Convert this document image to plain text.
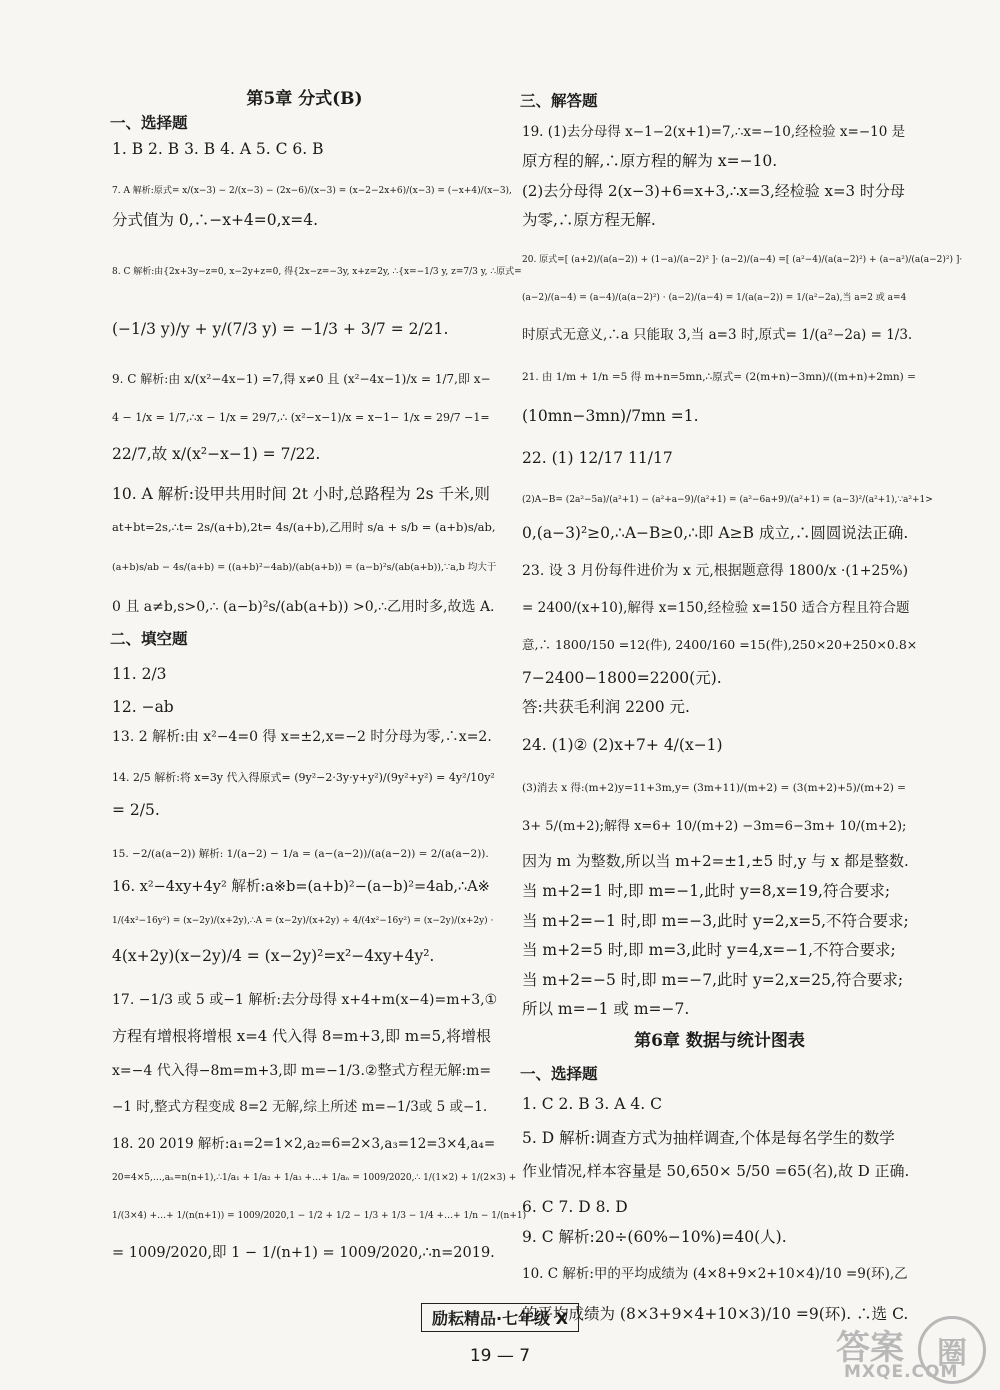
第5章 分式(B)
一、选择题

1. B 2. B 3. B 4. A 5. C 6. B

7. A 解析:原式= x/(x−3) − 2/(x−3) − (2x−6)/(x−3) = (x−2−2x+6)/(x−3) = (−x+4)/(x−3),

分式值为 0,∴−x+4=0,x=4.

8. C 解析:由{2x+3y−z=0, x−2y+z=0, 得{2x−z=−3y, x+z=2y, ∴{x=−1/3 y, z=7/3 y, ∴原式=

(−1/3 y)/y + y/(7/3 y) = −1/3 + 3/7 = 2/21.

9. C 解析:由 x/(x²−4x−1) =7,得 x≠0 且 (x²−4x−1)/x = 1/7,即 x−

4 − 1/x = 1/7,∴x − 1/x = 29/7,∴ (x²−x−1)/x = x−1− 1/x = 29/7 −1=

22/7,故 x/(x²−x−1) = 7/22.

10. A 解析:设甲共用时间 2t 小时,总路程为 2s 千米,则

at+bt=2s,∴t= 2s/(a+b),2t= 4s/(a+b),乙用时 s/a + s/b = (a+b)s/ab,

(a+b)s/ab − 4s/(a+b) = ((a+b)²−4ab)/(ab(a+b)) = (a−b)²s/(ab(a+b)),∵a,b 均大于

0 且 a≠b,s>0,∴ (a−b)²s/(ab(a+b)) >0,∴乙用时多,故选 A.

二、填空题

11. 2/3

12. −ab

13. 2 解析:由 x²−4=0 得 x=±2,x=−2 时分母为零,∴x=2.

14. 2/5 解析:将 x=3y 代入得原式= (9y²−2·3y·y+y²)/(9y²+y²) = 4y²/10y²

= 2/5.

15. −2/(a(a−2)) 解析: 1/(a−2) − 1/a = (a−(a−2))/(a(a−2)) = 2/(a(a−2)).

16. x²−4xy+4y² 解析:a※b=(a+b)²−(a−b)²=4ab,∴A※

1/(4x²−16y²) = (x−2y)/(x+2y),∴A = (x−2y)/(x+2y) ÷ 4/(4x²−16y²) = (x−2y)/(x+2y) ·

4(x+2y)(x−2y)/4 = (x−2y)²=x²−4xy+4y².

17. −1/3 或 5 或−1 解析:去分母得 x+4+m(x−4)=m+3,①

方程有增根将增根 x=4 代入得 8=m+3,即 m=5,将增根

x=−4 代入得−8m=m+3,即 m=−1/3.②整式方程无解:m=

−1 时,整式方程变成 8=2 无解,综上所述 m=−1/3或 5 或−1.

18. 20 2019 解析:a₁=2=1×2,a₂=6=2×3,a₃=12=3×4,a₄=

20=4×5,…,aₙ=n(n+1),∴1/a₁ + 1/a₂ + 1/a₃ +…+ 1/aₙ = 1009/2020,∴ 1/(1×2) + 1/(2×3) +

1/(3×4) +…+ 1/(n(n+1)) = 1009/2020,1 − 1/2 + 1/2 − 1/3 + 1/3 − 1/4 +…+ 1/n − 1/(n+1)

= 1009/2020,即 1 − 1/(n+1) = 1009/2020,∴n=2019.

三、解答题

19. (1)去分母得 x−1−2(x+1)=7,∴x=−10,经检验 x=−10 是

原方程的解,∴原方程的解为 x=−10.

(2)去分母得 2(x−3)+6=x+3,∴x=3,经检验 x=3 时分母

为零,∴原方程无解.

20. 原式=[ (a+2)/(a(a−2)) + (1−a)/(a−2)² ]· (a−2)/(a−4) =[ (a²−4)/(a(a−2)²) + (a−a²)/(a(a−2)²) ]·

(a−2)/(a−4) = (a−4)/(a(a−2)²) · (a−2)/(a−4) = 1/(a(a−2)) = 1/(a²−2a),当 a=2 或 a=4

时原式无意义,∴a 只能取 3,当 a=3 时,原式= 1/(a²−2a) = 1/3.

21. 由 1/m + 1/n =5 得 m+n=5mn,∴原式= (2(m+n)−3mn)/((m+n)+2mn) =

(10mn−3mn)/7mn =1.

22. (1) 12/17 11/17

(2)A−B= (2a²−5a)/(a²+1) − (a²+a−9)/(a²+1) = (a²−6a+9)/(a²+1) = (a−3)²/(a²+1),∵a²+1>

0,(a−3)²≥0,∴A−B≥0,∴即 A≥B 成立,∴圆圆说法正确.

23. 设 3 月份每件进价为 x 元,根据题意得 1800/x ·(1+25%)

= 2400/(x+10),解得 x=150,经检验 x=150 适合方程且符合题

意,∴ 1800/150 =12(件), 2400/160 =15(件),250×20+250×0.8×

7−2400−1800=2200(元).

答:共获毛利润 2200 元.

24. (1)② (2)x+7+ 4/(x−1)

(3)消去 x 得:(m+2)y=11+3m,y= (3m+11)/(m+2) = (3(m+2)+5)/(m+2) =

3+ 5/(m+2);解得 x=6+ 10/(m+2) −3m=6−3m+ 10/(m+2);

因为 m 为整数,所以当 m+2=±1,±5 时,y 与 x 都是整数.

当 m+2=1 时,即 m=−1,此时 y=8,x=19,符合要求;

当 m+2=−1 时,即 m=−3,此时 y=2,x=5,不符合要求;

当 m+2=5 时,即 m=3,此时 y=4,x=−1,不符合要求;

当 m+2=−5 时,即 m=−7,此时 y=2,x=25,符合要求;

所以 m=−1 或 m=−7.

第6章 数据与统计图表
一、选择题

1. C 2. B 3. A 4. C

5. D 解析:调查方式为抽样调查,个体是每名学生的数学

作业情况,样本容量是 50,650× 5/50 =65(名),故 D 正确.

6. C 7. D 8. D

9. C 解析:20÷(60%−10%)=40(人).

10. C 解析:甲的平均成绩为 (4×8+9×2+10×4)/10 =9(环),乙

的平均成绩为 (8×3+9×4+10×3)/10 =9(环). ∴选 C.

励耘精品·七年级 X
19 — 7	答案	圈
MXQE.COM
